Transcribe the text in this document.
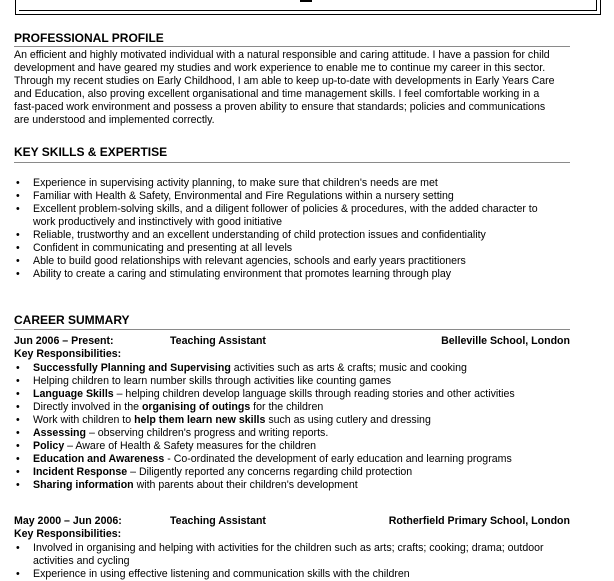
PROFESSIONAL PROFILE
An efficient and highly motivated individual with a natural responsible and caring attitude. I have a passion for child
development and have geared my studies and work experience to enable me to continue my career in this sector.
Through my recent studies on Early Childhood, I am able to keep up-to-date with developments in Early Years Care
and Education, also proving excellent organisational and time management skills. I feel comfortable working in a
fast-paced work environment and possess a proven ability to ensure that standards; policies and communications
are understood and implemented correctly.
KEY SKILLS & EXPERTISE
• Experience in supervising activity planning, to make sure that children's needs are met
• Familiar with Health & Safety, Environmental and Fire Regulations within a nursery setting
• Excellent problem-solving skills, and a diligent follower of policies & procedures, with the added character to
work productively and instinctively with good initiative
• Reliable, trustworthy and an excellent understanding of child protection issues and confidentiality
• Confident in communicating and presenting at all levels
• Able to build good relationships with relevant agencies, schools and early years practitioners
• Ability to create a caring and stimulating environment that promotes learning through play
CAREER SUMMARY
Jun 2006 – Present:	Teaching Assistant	Belleville School, London
Key Responsibilities:
• Successfully Planning and Supervising activities such as arts & crafts; music and cooking
• Helping children to learn number skills through activities like counting games
• Language Skills – helping children develop language skills through reading stories and other activities
• Directly involved in the organising of outings for the children
• Work with children to help them learn new skills such as using cutlery and dressing
• Assessing – observing children's progress and writing reports.
• Policy – Aware of Health & Safety measures for the children
• Education and Awareness - Co-ordinated the development of early education and learning programs
• Incident Response – Diligently reported any concerns regarding child protection
• Sharing information with parents about their children's development
May 2000 – Jun 2006:	Teaching Assistant	Rotherfield Primary School, London
Key Responsibilities:
• Involved in organising and helping with activities for the children such as arts; crafts; cooking; drama; outdoor
activities and cycling
• Experience in using effective listening and communication skills with the children
